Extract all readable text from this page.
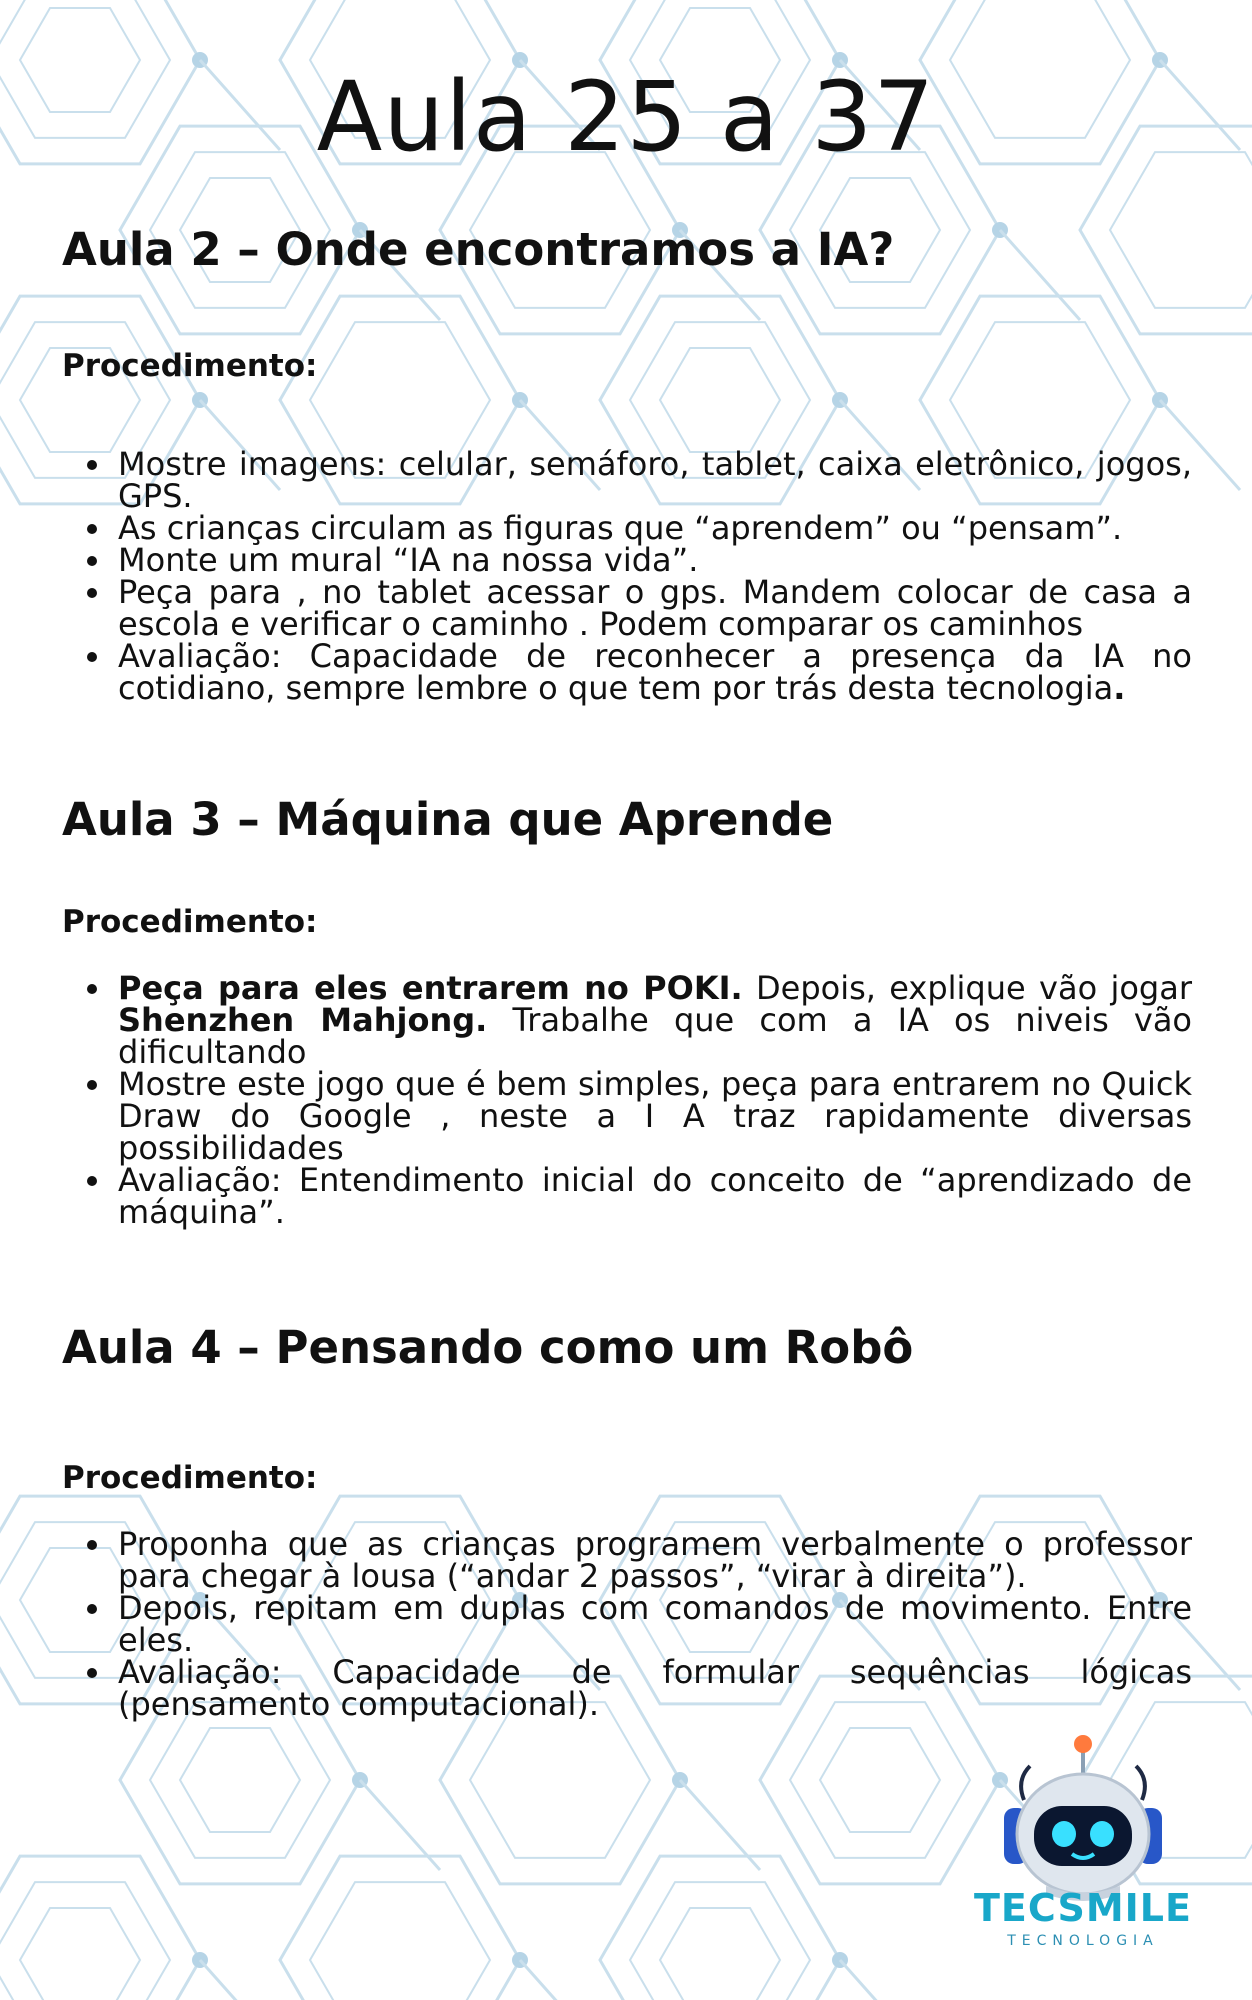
Aula 25 a 37
Aula 2 – Onde encontramos a IA?

Procedimento:

Mostre imagens: celular, semáforo, tablet, caixa eletrônico, jogos, GPS.
As crianças circulam as figuras que “aprendem” ou “pensam”.
Monte um mural “IA na nossa vida”.
Peça para , no tablet acessar o gps. Mandem colocar de casa a escola e verificar o caminho . Podem comparar os caminhos
Avaliação: Capacidade de reconhecer a presença da IA no cotidiano, sempre lembre o que tem por trás desta tecnologia.
Aula 3 – Máquina que Aprende

Procedimento:

Peça para eles entrarem no POKI. Depois, explique vão jogar Shenzhen Mahjong. Trabalhe que com a IA os niveis vão dificultando
Mostre este jogo que é bem simples, peça para entrarem no Quick Draw do Google , neste a I A traz rapidamente diversas possibilidades
Avaliação: Entendimento inicial do conceito de “aprendizado de máquina”.
Aula 4 – Pensando como um Robô

Procedimento:

Proponha que as crianças programem verbalmente o professor para chegar à lousa (“andar 2 passos”, “virar à direita”).
Depois, repitam em duplas com comandos de movimento. Entre eles.
Avaliação: Capacidade de formular sequências lógicas (pensamento computacional).
TECSMILE
TECNOLOGIA
